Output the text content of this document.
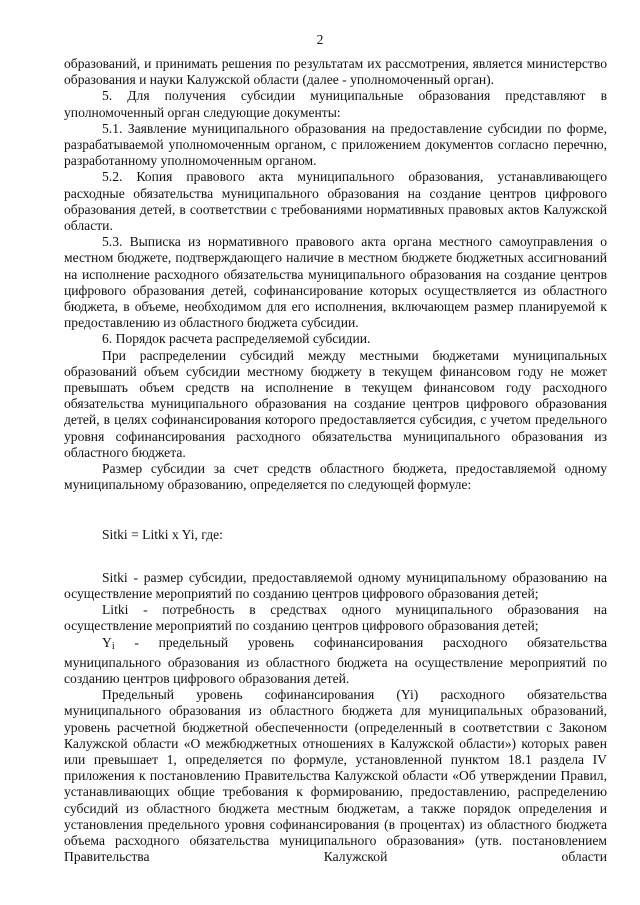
2

образований, и принимать решения по результатам их рассмотрения, является министерство образования и науки Калужской области (далее - уполномоченный орган).

5. Для получения субсидии муниципальные образования представляют в уполномоченный орган следующие документы:

5.1. Заявление муниципального образования на предоставление субсидии по форме, разрабатываемой уполномоченным органом, с приложением документов согласно перечню, разработанному уполномоченным органом.

5.2. Копия правового акта муниципального образования, устанавливающего расходные обязательства муниципального образования на создание центров цифрового образования детей, в соответствии с требованиями нормативных правовых актов Калужской области.

5.3. Выписка из нормативного правового акта органа местного самоуправления о местном бюджете, подтверждающего наличие в местном бюджете бюджетных ассигнований на исполнение расходного обязательства муниципального образования на создание центров цифрового образования детей, софинансирование которых осуществляется из областного бюджета, в объеме, необходимом для его исполнения, включающем размер планируемой к предоставлению из областного бюджета субсидии.

6. Порядок расчета распределяемой субсидии.

При распределении субсидий между местными бюджетами муниципальных образований объем субсидии местному бюджету в текущем финансовом году не может превышать объем средств на исполнение в текущем финансовом году расходного обязательства муниципального образования на создание центров цифрового образования детей, в целях софинансирования которого предоставляется субсидия, с учетом предельного уровня софинансирования расходного обязательства муниципального образования из областного бюджета.

Размер субсидии за счет средств областного бюджета, предоставляемой одному муниципальному образованию, определяется по следующей формуле:

Sitki = Litki x Yi, где:

Sitki - размер субсидии, предоставляемой одному муниципальному образованию на осуществление мероприятий по созданию центров цифрового образования детей;

Litki - потребность в средствах одного муниципального образования на осуществление мероприятий по созданию центров цифрового образования детей;

$Y_i$ - предельный уровень софинансирования расходного обязательства муниципального образования из областного бюджета на осуществление мероприятий по созданию центров цифрового образования детей.

Предельный уровень софинансирования (Yi) расходного обязательства муниципального образования из областного бюджета для муниципальных образований, уровень расчетной бюджетной обеспеченности (определенный в соответствии с Законом Калужской области «О межбюджетных отношениях в Калужской области») которых равен или превышает 1, определяется по формуле, установленной пунктом 18.1 раздела IV приложения к постановлению Правительства Калужской области «Об утверждении Правил, устанавливающих общие требования к формированию, предоставлению, распределению субсидий из областного бюджета местным бюджетам, а также порядок определения и установления предельного уровня софинансирования (в процентах) из областного бюджета объема расходного обязательства муниципального образования» (утв. постановлением Правительства Калужской области
